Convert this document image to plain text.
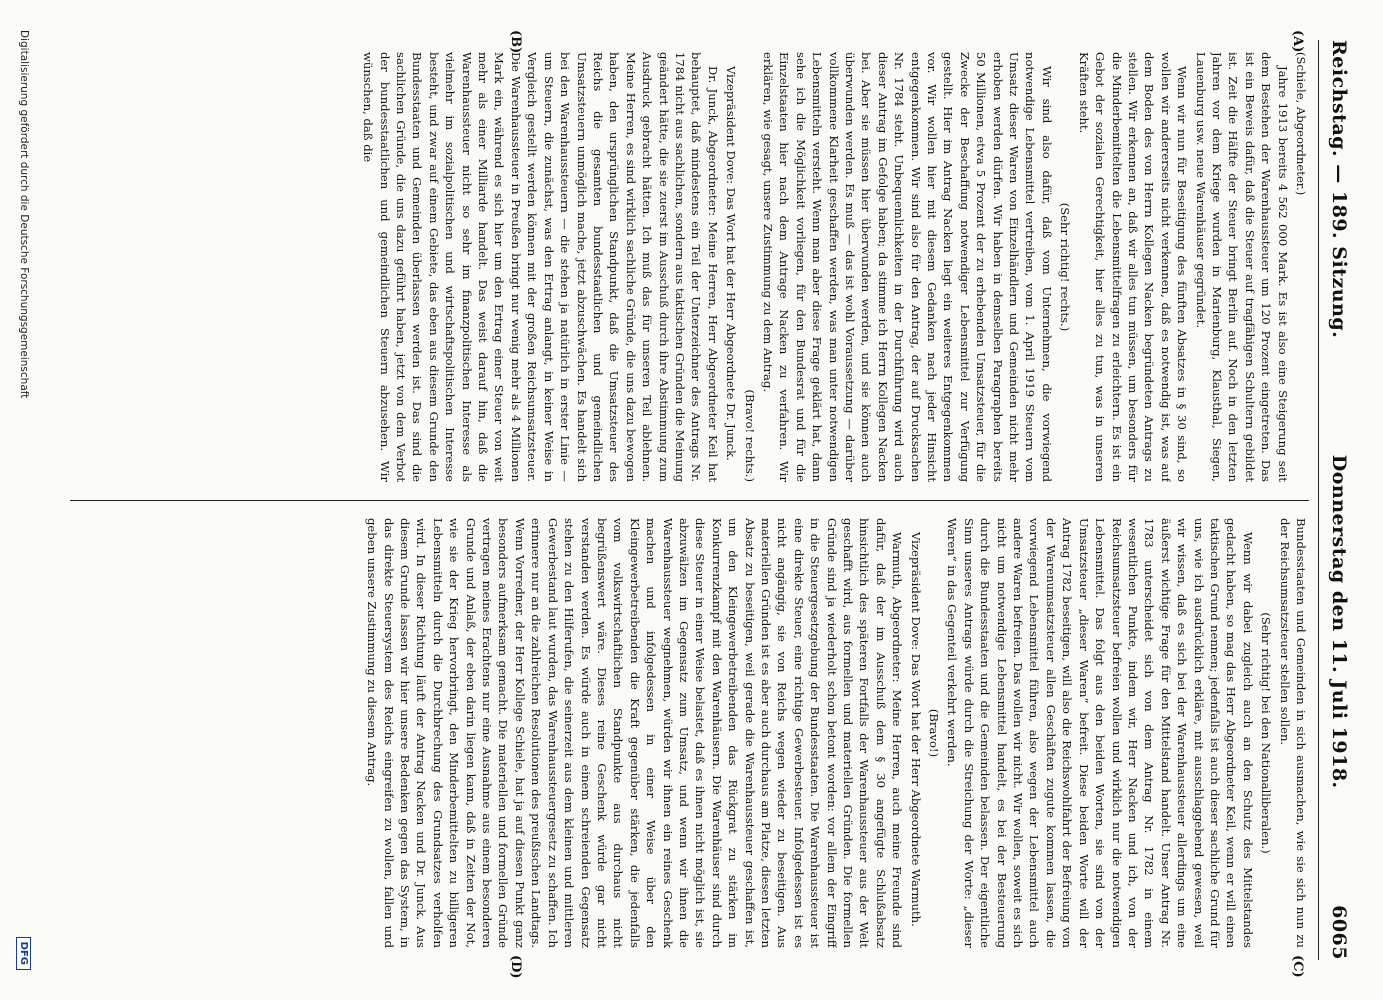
Reichstag. — 189. Sitzung.
Donnerstag den 11. Juli 1918.
6065
(A)
(B)
(C)
(D)

(Schiele, Abgeordneter.)

Jahre 1913 bereits 4 562 000 Mark. Es ist also eine Steigerung seit dem Bestehen der Warenhaussteuer um 120 Prozent eingetreten. Das ist ein Beweis dafür, daß die Steuer auf tragfähigen Schultern gebildet ist. Zeit die Hälfte der Steuer bringt Berlin auf. Noch in den letzten Jahren vor dem Kriege wurden in Marienburg, Klausthal, Siegen, Lauenburg usw. neue Warenhäuser gegründet.

Wenn wir nun für Beseitigung des fünften Absatzes in § 30 sind, so wollen wir andererseits nicht verkennen, daß es notwendig ist, was auf dem Boden des von Herrn Kollegen Nacken begründeten Antrags zu stellen. Wir erkennen an, daß wir alles tun müssen, um besonders für die Minderbemittelten die Lebensmittelfragen zu erleichtern. Es ist ein Gebot der sozialen Gerechtigkeit, hier alles zu tun, was in unseren Kräften steht.

(Sehr richtig! rechts.)

Wir sind also dafür, daß vom Unternehmen, die vorwiegend notwendige Lebensmittel vertreiben, vom 1. April 1919 Steuern vom Umsatz dieser Waren von Einzelhändlern und Gemeinden nicht mehr erhoben werden dürfen. Wir haben in demselben Paragraphen bereits 50 Millionen, etwa 5 Prozent der zu erhebenden Umsatzsteuer, für die Zwecke der Beschaffung notwendiger Lebensmittel zur Verfügung gestellt. Hier im Antrag Nacken liegt ein weiteres Entgegenkommen vor. Wir wollen hier mit diesem Gedanken nach jeder Hinsicht entgegenkommen. Wir sind also für den Antrag, der auf Drucksachen Nr. 1784 steht. Unbequemlichkeiten in der Durchführung wird auch dieser Antrag im Gefolge haben; da stimme ich Herrn Kollegen Nacken bei. Aber sie müssen hier überwunden werden, und sie können auch überwunden werden. Es muß — das ist wohl Voraussetzung — darüber vollkommene Klarheit geschaffen werden, was man unter notwendigen Lebensmitteln versteht. Wenn man aber diese Frage geklärt hat, dann sehe ich die Möglichkeit vorliegen, für den Bundesrat und für die Einzelstaaten hier nach dem Antrage Nacken zu verfahren. Wir erklären, wie gesagt, unsere Zustimmung zu dem Antrag.

(Bravo! rechts.)

Vizepräsident Dove: Das Wort hat der Herr Abgeordnete Dr. Junck.

Dr. Junck, Abgeordneter: Meine Herren, Herr Abgeordneter Keil hat behauptet, daß mindestens ein Teil der Unterzeichner des Antrags Nr. 1784 nicht aus sachlichen, sondern aus taktischen Gründen die Meinung geändert hätte, die sie zuerst im Ausschuß durch ihre Abstimmung zum Ausdruck gebracht hätten. Ich muß das für unseren Teil ablehnen. Meine Herren, es sind wirklich sachliche Gründe, die uns dazu bewogen haben, den ursprünglichen Standpunkt, daß die Umsatzsteuer des Reichs die gesamten bundesstaatlichen und gemeindlichen Umsatzsteuern unmöglich mache, jetzt abzuschwächen. Es handelt sich bei den Warenhaussteuern — die stehen ja natürlich in erster Linie — um Steuern, die zunächst, was den Ertrag anlangt, in keiner Weise in Vergleich gestellt werden können mit der großen Reichsumsatzsteuer. Die Warenhaussteuer in Preußen bringt nur wenig mehr als 4 Millionen Mark ein, während es sich hier um den Ertrag einer Steuer von weit mehr als einer Milliarde handelt. Das weist darauf hin, daß die Warenhaussteuer nicht so sehr im finanzpolitischen Interesse als vielmehr im sozialpolitischen und wirtschaftspolitischen Interesse besteht, und zwar auf einem Gebiete, das eben aus diesem Grunde den Bundesstaaten und Gemeinden überlassen werden ist. Das sind die sachlichen Gründe, die uns dazu geführt haben, jetzt von dem Verbot der bundesstaatlichen und gemeindlichen Steuern abzusehen. Wir wünschen, daß die

Bundesstaaten und Gemeinden in sich ausmachen, wie sie sich nun zu der Reichsumsatzsteuer stellen sollen.

(Sehr richtig! bei den Nationalliberalen.)

Wenn wir dabei zugleich auch an den Schutz des Mittelstandes gedacht haben, so mag das Herr Abgeordneter Keil, wenn er will einen taktischen Grund nennen; jedenfalls ist auch dieser sachliche Grund für uns, wie ich ausdrücklich erkläre, mit ausschlaggebend gewesen, weil wir wissen, daß es sich bei der Warenhaussteuer allerdings um eine äußerst wichtige Frage für den Mittelstand handelt. Unser Antrag Nr. 1783 unterscheidet sich von dem Antrag Nr. 1782 in einem wesentlichen Punkte, indem wir, Herr Nacken und ich, von der Reichsumsatzsteuer befreien wollen und wirklich nur die notwendigen Lebensmittel. Das folgt aus den beiden Worten, sie sind von der Umsatzsteuer „dieser Waren“ befreit. Diese beiden Worte will der Antrag 1782 beseitigen, will also die Reichswohlfahrt der Befreiung von der Warenumsatzsteuer allen Geschäften zugute kommen lassen, die vorwiegend Lebensmittel führen, also wegen der Lebensmittel auch andere Waren befreien. Das wollen wir nicht. Wir wollen, soweit es sich nicht um notwendige Lebensmittel handelt, es bei der Besteuerung durch die Bundesstaaten und die Gemeinden belassen. Der eigentliche Sinn unseres Antrags würde durch die Streichung der Worte: „dieser Waren“ in das Gegenteil verkehrt werden.

(Bravo!)

Vizepräsident Dove: Das Wort hat der Herr Abgeordnete Warmuth.

Warmuth, Abgeordneter: Meine Herren, auch meine Freunde sind dafür, daß der im Ausschuß dem § 30 angefügte Schlußabsatz hinsichtlich des späteren Fortfalls der Warenhaussteuer aus der Welt geschafft wird, aus formellen und materiellen Gründen. Die formellen Gründe sind ja wiederholt schon betont worden: vor allem der Eingriff in die Steuergesetzgebung der Bundesstaaten. Die Warenhaussteuer ist eine direkte Steuer, eine richtige Gewerbesteuer. Infolgedessen ist es nicht angängig, sie von Reichs wegen wieder zu beseitigen. Aus materiellen Gründen ist es aber auch durchaus am Platze, diesen letzten Absatz zu beseitigen, weil gerade die Warenhaussteuer geschaffen ist, um den Kleingewerbetreibenden das Rückgrat zu stärken im Konkurrenzkampf mit den Warenhäusern. Die Warenhäuser sind durch diese Steuer in einer Weise belastet, daß es ihnen nicht möglich ist, sie abzuwälzen im Gegensatz zum Umsatz, und wenn wir ihnen die Warenhaussteuer wegnehmen, würden wir ihnen ein reines Geschenk machen und infolgedessen in einer Weise über den Kleingewerbetreibenden die Kraft gegenüber stärken, die jedenfalls vom volkswirtschaftlichen Standpunkte aus durchaus nicht begrüßenswert wäre. Dieses reine Geschenk würde gar nicht verstanden werden. Es würde auch in einem schreienden Gegensatz stehen zu den Hilferufen, die seinerzeit aus dem kleinen und mittleren Gewerbestand laut wurden, das Warenhaussteuergesetz zu schaffen. Ich erinnere nur an die zahlreichen Resolutionen des preußischen Landtags. Wenn Vorredner, der Herr Kollege Schiele, hat ja auf diesen Punkt ganz besonders aufmerksam gemacht. Die materiellen und formellen Gründe vertragen meines Erachtens nur eine Ausnahme aus einem besonderen Grunde und Anlaß, der eben darin liegen kann, daß in Zeiten der Not, wie sie der Krieg hervorbringt, den Minderbemittelten zu billigeren Lebensmitteln durch die Durchbrechung des Grundsatzes verholfen wird. In dieser Richtung läuft der Antrag Nacken und Dr. Junck. Aus diesem Grunde lassen wir hier unsere Bedenken gegen das System, in das direkte Steuersystem des Reichs eingreifen zu wollen, fallen und geben unsere Zustimmung zu diesem Antrag.

Digitalisierung gefördert durch die Deutsche Forschungsgemeinschaft
DFG
